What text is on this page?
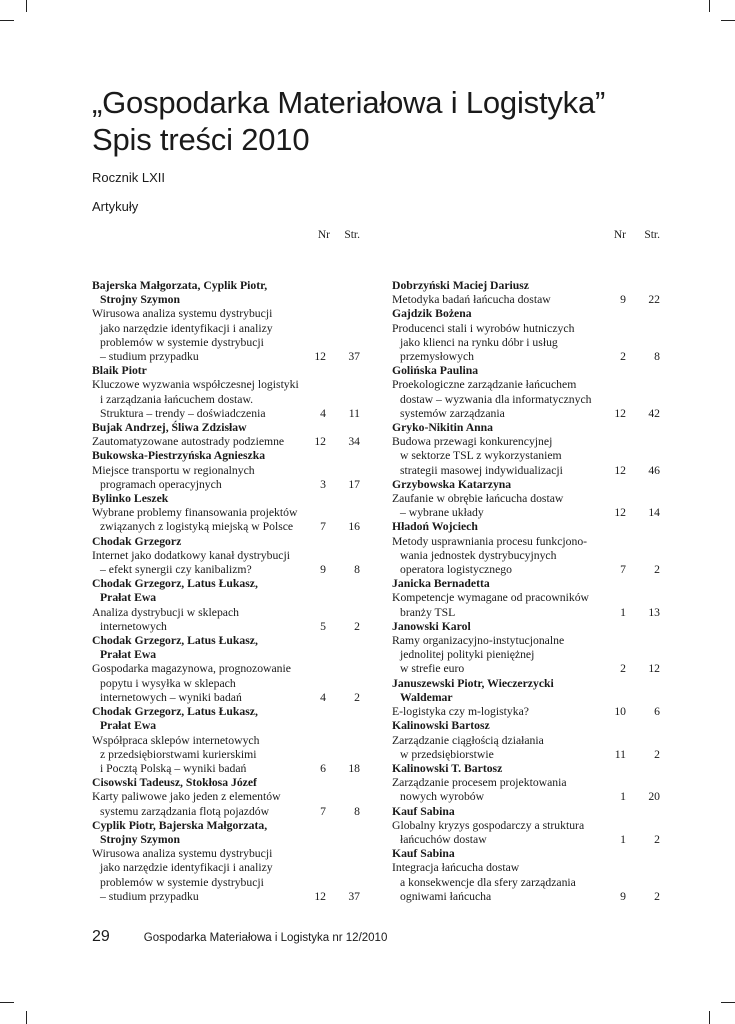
„Gospodarka Materiałowa i Logistyka”
Spis treści 2010
Rocznik LXII
Artykuły
Nr Str.	Nr Str.
Bajerska Małgorzata, Cyplik Piotr,
Strojny Szymon
Wirusowa analiza systemu dystrybucji
jako narzędzie identyfikacji i analizy
problemów w systemie dystrybucji
– studium przypadku	12 37
Blaik Piotr
Kluczowe wyzwania współczesnej logistyki
i zarządzania łańcuchem dostaw.
Struktura – trendy – doświadczenia	4 11
Bujak Andrzej, Śliwa Zdzisław
Zautomatyzowane autostrady podziemne	12 34
Bukowska-Piestrzyńska Agnieszka
Miejsce transportu w regionalnych
programach operacyjnych	3 17
Bylinko Leszek
Wybrane problemy finansowania projektów
związanych z logistyką miejską w Polsce	7 16
Chodak Grzegorz
Internet jako dodatkowy kanał dystrybucji
– efekt synergii czy kanibalizm?	9 8
Chodak Grzegorz, Latus Łukasz,
Prałat Ewa
Analiza dystrybucji w sklepach
internetowych	5 2
Chodak Grzegorz, Latus Łukasz,
Prałat Ewa
Gospodarka magazynowa, prognozowanie
popytu i wysyłka w sklepach
internetowych – wyniki badań	4 2
Chodak Grzegorz, Latus Łukasz,
Prałat Ewa
Współpraca sklepów internetowych
z przedsiębiorstwami kurierskimi
i Pocztą Polską – wyniki badań	6 18
Cisowski Tadeusz, Stokłosa Józef
Karty paliwowe jako jeden z elementów
systemu zarządzania flotą pojazdów	7 8
Cyplik Piotr, Bajerska Małgorzata,
Strojny Szymon
Wirusowa analiza systemu dystrybucji
jako narzędzie identyfikacji i analizy
problemów w systemie dystrybucji
– studium przypadku	12 37
Dobrzyński Maciej Dariusz
Metodyka badań łańcucha dostaw	9 22
Gajdzik Bożena
Producenci stali i wyrobów hutniczych
jako klienci na rynku dóbr i usług
przemysłowych	2 8
Golińska Paulina
Proekologiczne zarządzanie łańcuchem
dostaw – wyzwania dla informatycznych
systemów zarządzania	12 42
Gryko-Nikitin Anna
Budowa przewagi konkurencyjnej
w sektorze TSL z wykorzystaniem
strategii masowej indywidualizacji	12 46
Grzybowska Katarzyna
Zaufanie w obrębie łańcucha dostaw
– wybrane układy	12 14
Hładoń Wojciech
Metody usprawniania procesu funkcjono-
wania jednostek dystrybucyjnych
operatora logistycznego	7 2
Janicka Bernadetta
Kompetencje wymagane od pracowników
branży TSL	1 13
Janowski Karol
Ramy organizacyjno-instytucjonalne
jednolitej polityki pieniężnej
w strefie euro	2 12
Januszewski Piotr, Wieczerzycki
Waldemar
E-logistyka czy m-logistyka?	10 6
Kalinowski Bartosz
Zarządzanie ciągłością działania
w przedsiębiorstwie	11 2
Kalinowski T. Bartosz
Zarządzanie procesem projektowania
nowych wyrobów	1 20
Kauf Sabina
Globalny kryzys gospodarczy a struktura
łańcuchów dostaw	1 2
Kauf Sabina
Integracja łańcucha dostaw
a konsekwencje dla sfery zarządzania
ogniwami łańcucha	9 2
29	Gospodarka Materiałowa i Logistyka nr 12/2010
